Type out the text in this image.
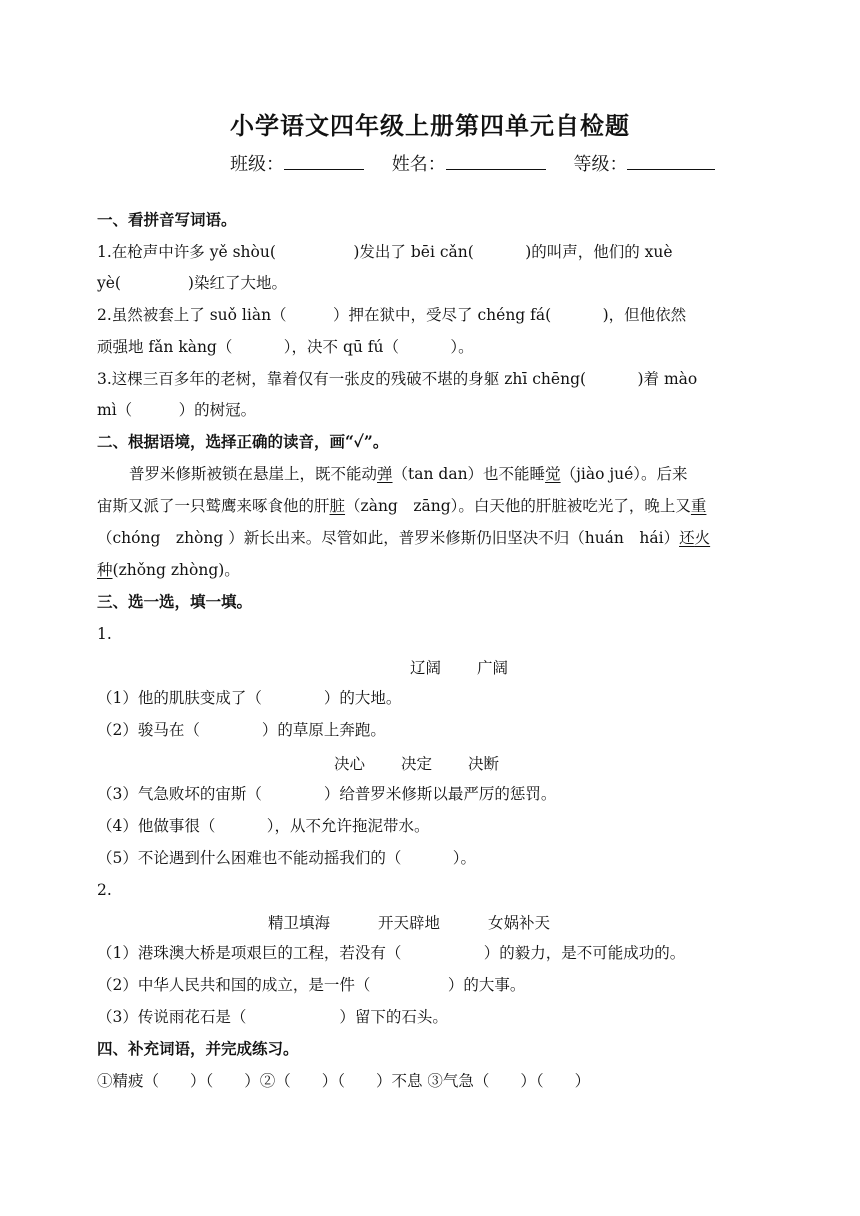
小学语文四年级上册第四单元自检题
班级：	姓名：	等级：
一、看拼音写词语。
1.在枪声中许多 yě shòu(　　　　　)发出了 bēi cǎn(　　　 )的叫声，他们的 xuè
yè(　　　　 )染红了大地。
2.虽然被套上了 suǒ liàn（　　　）押在狱中，受尽了 chéng fá(　　　 )，但他依然
顽强地 fǎn kàng（　　　 ），决不 qū fú（　　　 ）。
3.这棵三百多年的老树，靠着仅有一张皮的残破不堪的身躯 zhī chēng(　　　 )着 mào
mì（　　　）的树冠。
二、根据语境，选择正确的读音，画“✓”。
普罗米修斯被锁在悬崖上，既不能动弹（tan dan）也不能睡觉（jiào jué）。后来
宙斯又派了一只鹫鹰来啄食他的肝脏（zàng　zāng）。白天他的肝脏被吃光了，晚上又重
（chóng　zhòng ）新长出来。尽管如此，普罗米修斯仍旧坚决不归（huán　hái）还火
种(zhǒng zhòng)。
三、选一选，填一填。
1.
辽阔 广阔
（1）他的肌肤变成了（　　　　）的大地。
（2）骏马在（　　　　）的草原上奔跑。
决心 决定 决断
（3）气急败坏的宙斯（　　　　）给普罗米修斯以最严厉的惩罚。
（4）他做事很（　　　 ），从不允许拖泥带水。
（5）不论遇到什么困难也不能动摇我们的（　　　 ）。
2.
精卫填海	开天辟地	女娲补天
（1）港珠澳大桥是项艰巨的工程，若没有（　　　　　 ）的毅力，是不可能成功的。
（2）中华人民共和国的成立，是一件（　　　　　）的大事。
（3）传说雨花石是（　　　　　　）留下的石头。
四、补充词语，并完成练习。
①精疲（　　）（　　）②（　　）（　　）不息 ③气急（　　）（　　）
